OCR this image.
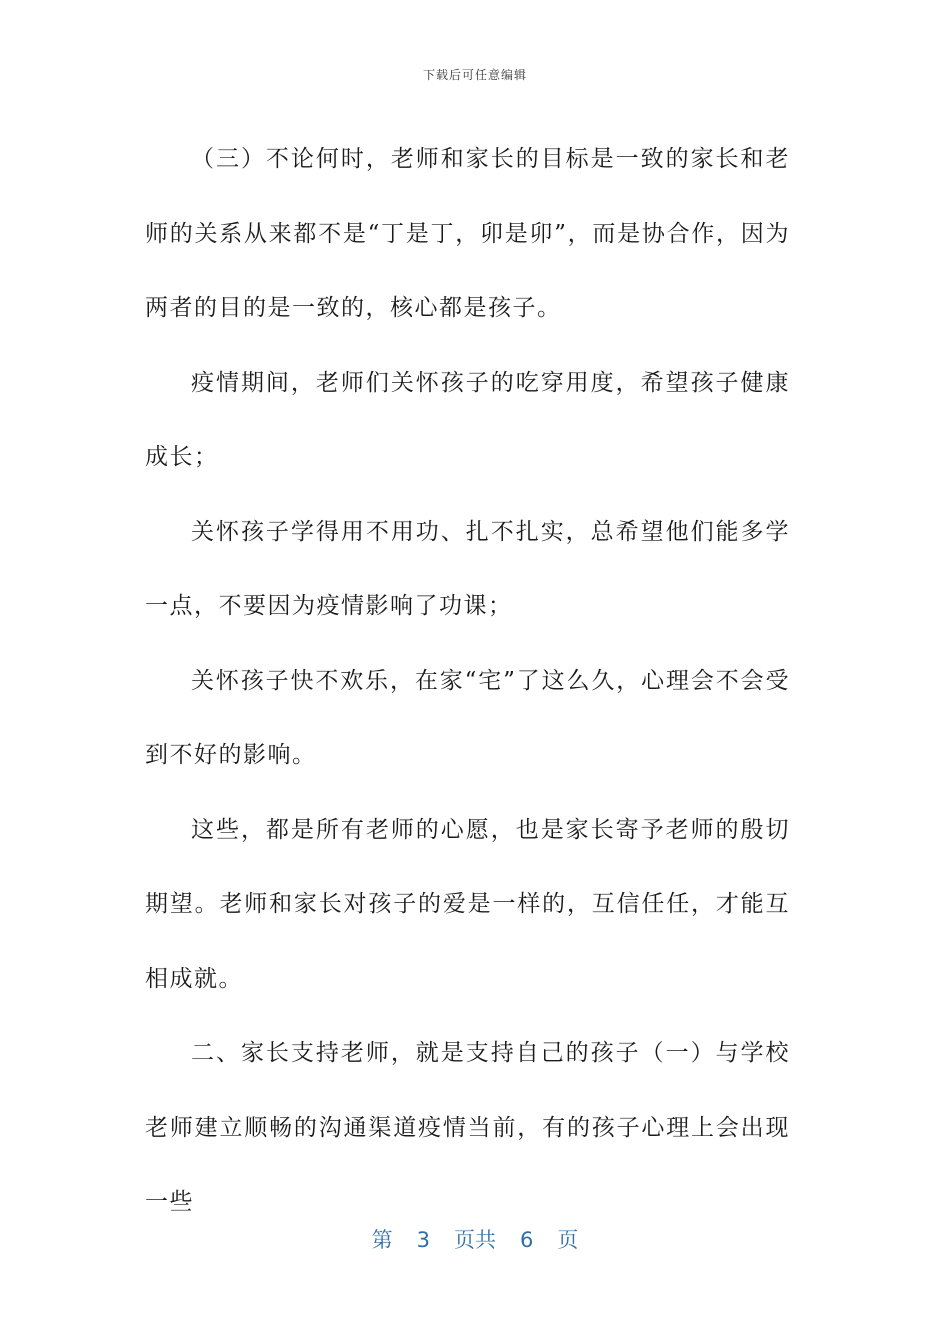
下载后可任意编辑

（三）不论何时，老师和家长的目标是一致的家长和老师的关系从来都不是“丁是丁，卯是卯”，而是协合作，因为两者的目的是一致的，核心都是孩子。

疫情期间，老师们关怀孩子的吃穿用度，希望孩子健康成长；

关怀孩子学得用不用功、扎不扎实，总希望他们能多学一点，不要因为疫情影响了功课；

关怀孩子快不欢乐，在家“宅”了这么久，心理会不会受到不好的影响。

这些，都是所有老师的心愿，也是家长寄予老师的殷切期望。老师和家长对孩子的爱是一样的，互信任任，才能互相成就。

二、家长支持老师，就是支持自己的孩子（一）与学校老师建立顺畅的沟通渠道疫情当前，有的孩子心理上会出现一些

第 3 页共 6 页
